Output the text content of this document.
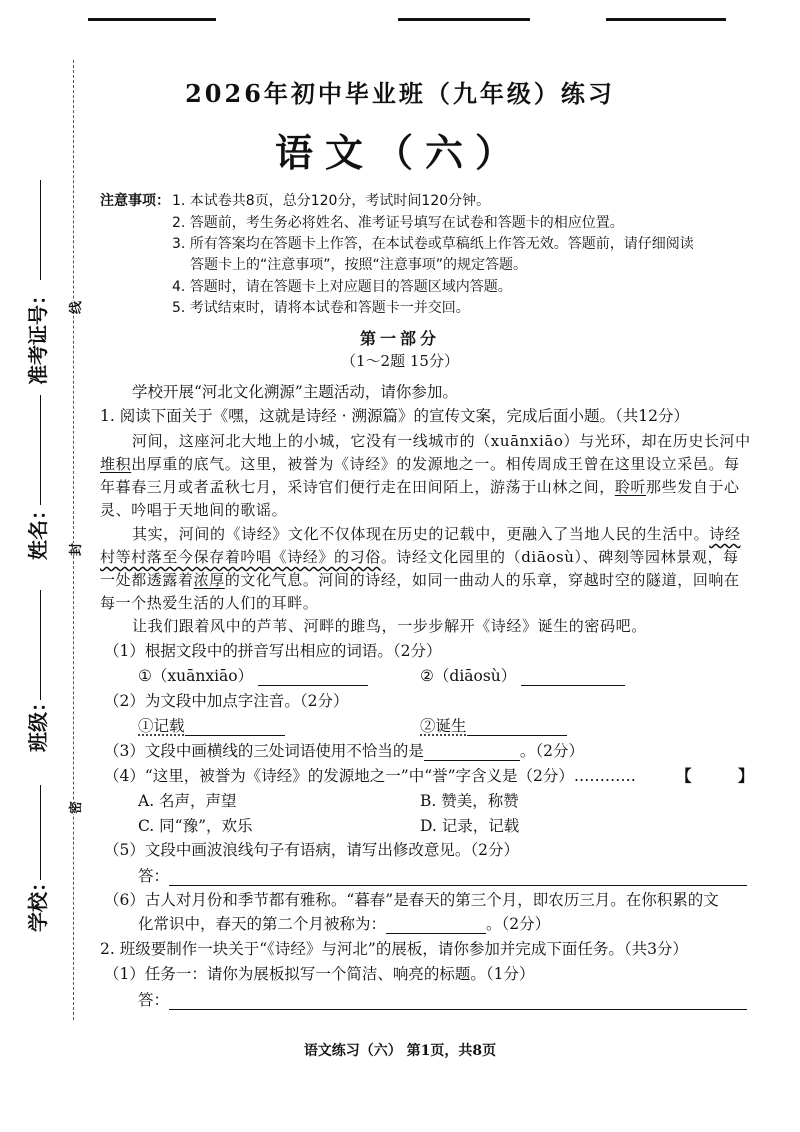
线
封
密
准考证号：
姓名：
班级：
学校：
2026年初中毕业班（九年级）练习
语文（六）
注意事项： 1. 本试卷共8页，总分120分，考试时间120分钟。
2. 答题前，考生务必将姓名、准考证号填写在试卷和答题卡的相应位置。
3. 所有答案均在答题卡上作答，在本试卷或草稿纸上作答无效。答题前，请仔细阅读
答题卡上的“注意事项”，按照“注意事项”的规定答题。
4. 答题时，请在答题卡上对应题目的答题区域内答题。
5. 考试结束时，请将本试卷和答题卡一并交回。
第一部分
（1～2题 15分）
学校开展“河北文化溯源”主题活动，请你参加。
1. 阅读下面关于《嘿，这就是诗经 · 溯源篇》的宣传文案，完成后面小题。（共12分）
河间，这座河北大地上的小城，它没有一线城市的（xuānxiāo）与光环，却在历史长河中
堆积出厚重的底气。这里，被誉为《诗经》的发源地之一。相传周成王曾在这里设立采邑。每
年暮春三月或者孟秋七月，采诗官们便行走在田间陌上，游荡于山林之间，聆听那些发自于心
灵、吟唱于天地间的歌谣。
其实，河间的《诗经》文化不仅体现在历史的记载中，更融入了当地人民的生活中。诗经
村等村落至今保存着吟唱《诗经》的习俗。诗经文化园里的（diāosù）、碑刻等园林景观，每
一处都透露着浓厚的文化气息。河间的诗经，如同一曲动人的乐章，穿越时空的隧道，回响在
每一个热爱生活的人们的耳畔。
让我们跟着风中的芦苇、河畔的雎鸟，一步步解开《诗经》诞生的密码吧。
（1）根据文段中的拼音写出相应的词语。（2分）
①（xuānxiāo）	②（diāosù）
（2）为文段中加点字注音。（2分）
①记载	②诞生
（3）文段中画横线的三处词语使用不恰当的是	。（2分）
（4）“这里，被誉为《诗经》的发源地之一”中“誉”字含义是（2分）…………	【	】
A. 名声，声望	B. 赞美，称赞
C. 同“豫”，欢乐	D. 记录，记载
（5）文段中画波浪线句子有语病，请写出修改意见。（2分）
答：
（6）古人对月份和季节都有雅称。“暮春”是春天的第三个月，即农历三月。在你积累的文
化常识中，春天的第二个月被称为：	。（2分）
2. 班级要制作一块关于“《诗经》与河北”的展板，请你参加并完成下面任务。（共3分）
（1）任务一：请你为展板拟写一个简洁、响亮的标题。（1分）
答：
语文练习（六） 第1页，共8页
